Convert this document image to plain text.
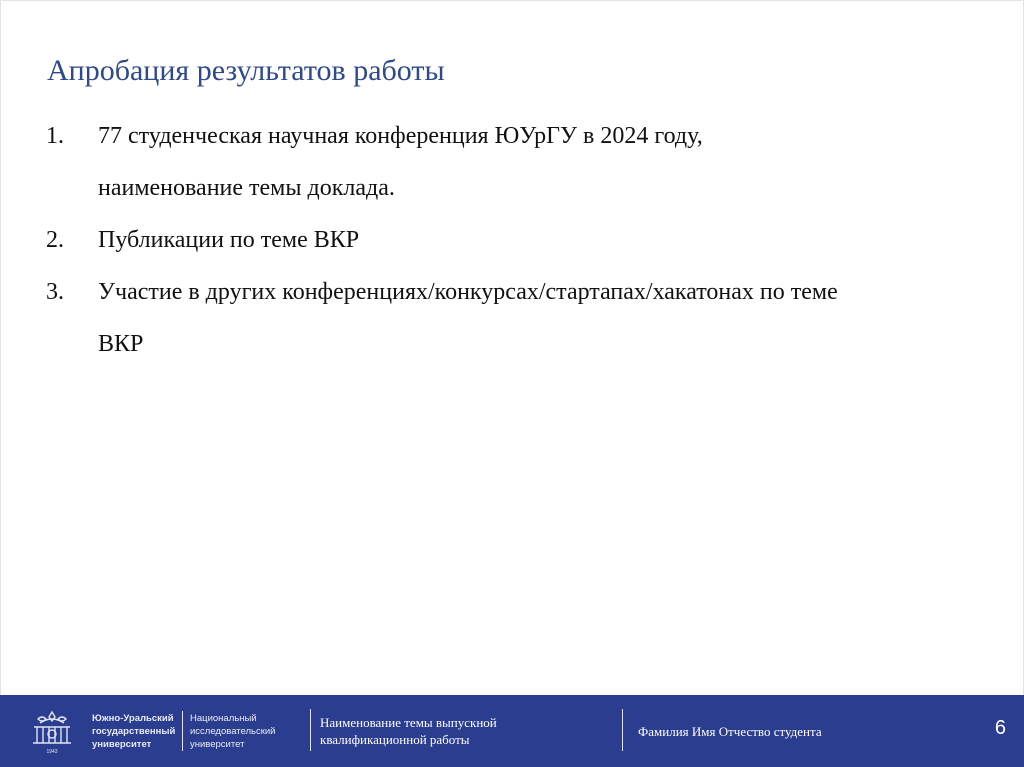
Апробация результатов работы
1. 77 студенческая научная конференция ЮУрГУ в 2024 году,
наименование темы доклада.
2. Публикации по теме ВКР
3. Участие в других конференциях/конкурсах/стартапах/хакатонах по теме
ВКР
1943
Южно-Уральский
государственный
университет
Национальный
исследовательский
университет
Наименование темы выпускной
квалификационной работы
Фамилия Имя Отчество студента	6
